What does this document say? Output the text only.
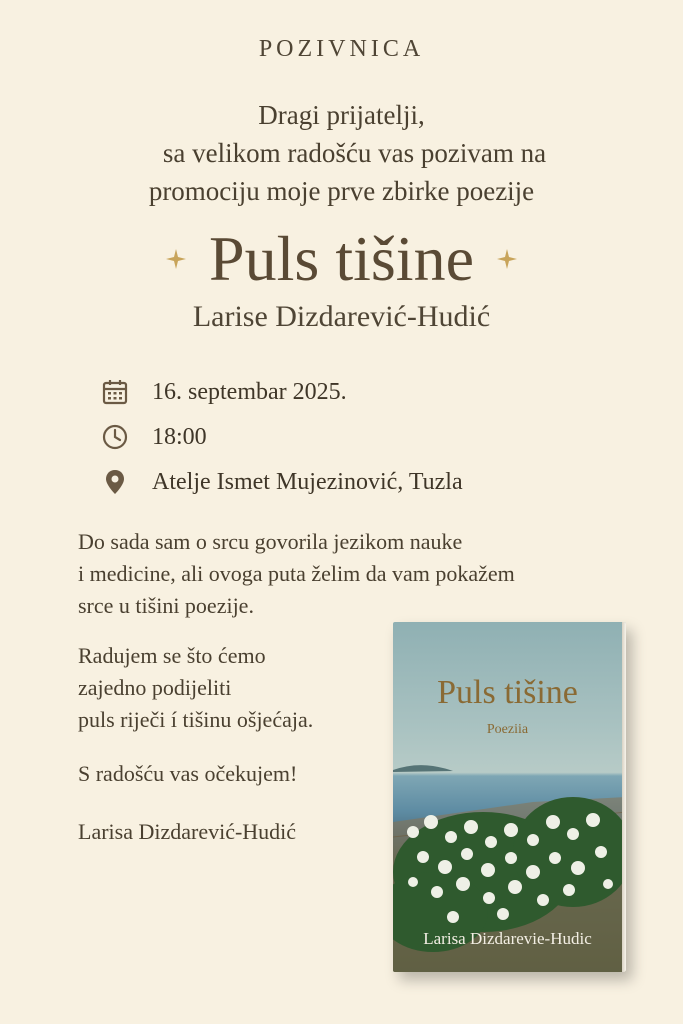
POZIVNICA
Dragi prijatelji,
sa velikom radošću vas pozivam na
promociju moje prve zbirke poezije
Puls tišine
Larise Dizdarević-Hudić
16. septembar 2025.
18:00
Atelje Ismet Mujezinović, Tuzla
Do sada sam o srcu govorila jezikom nauke
i medicine, ali ovoga puta želim da vam pokažem
srce u tišini poezije.
Radujem se što ćemo
zajedno podijeliti
puls riječi í tišinu ošjećaja.
S radošću vas očekujem!
Larisa Dizdarević-Hudić
Puls tišine
Poeziia
Larisa Dizdarevie-Hudic
